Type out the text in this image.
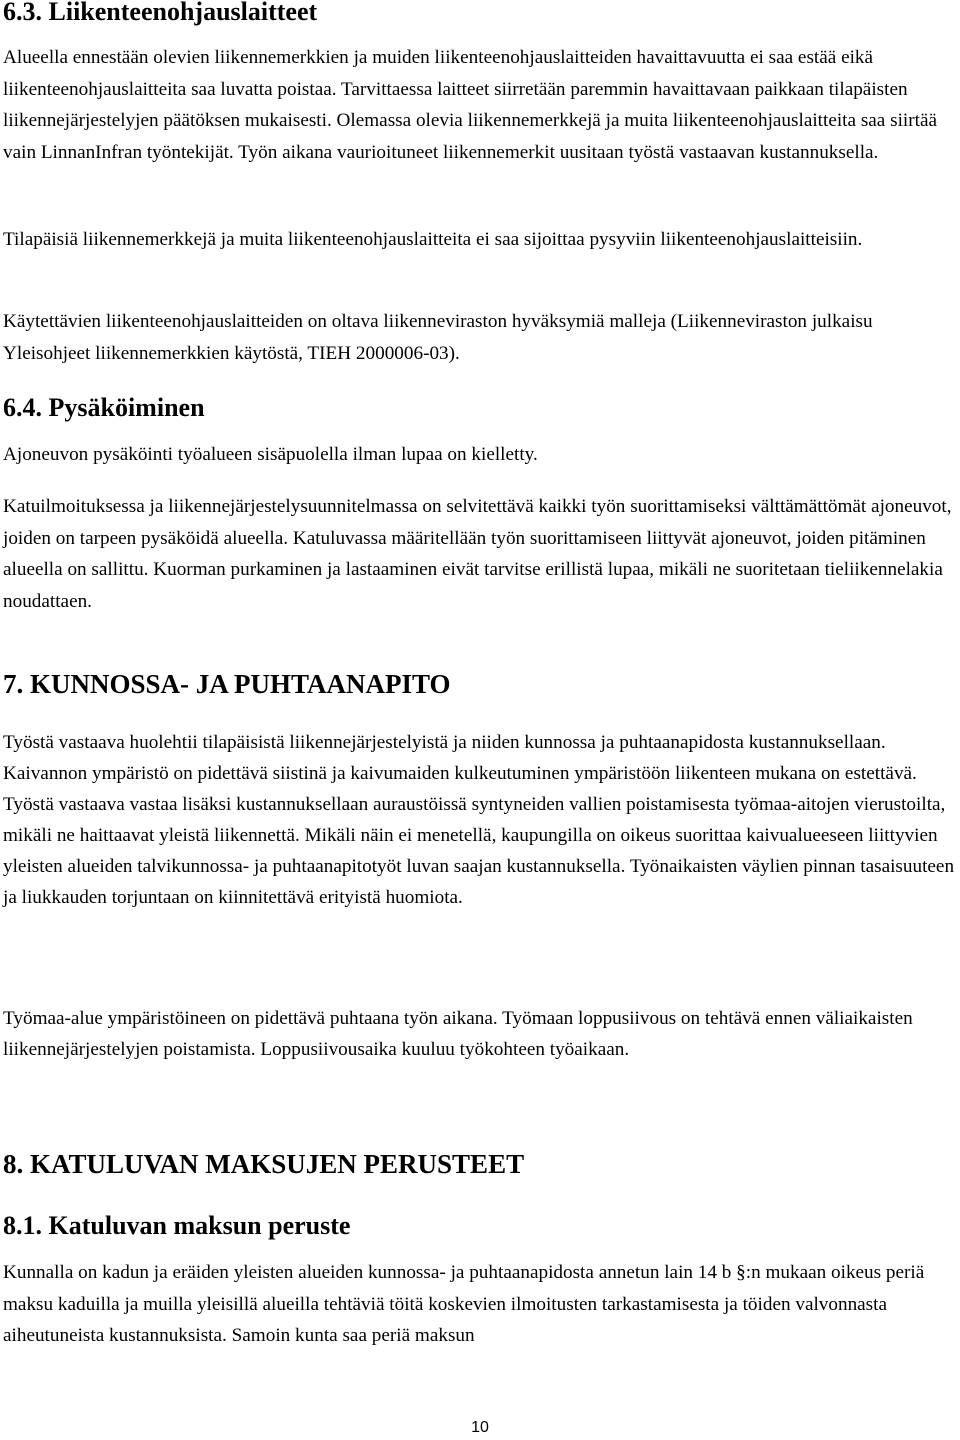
6.3. Liikenteenohjauslaitteet

Alueella ennestään olevien liikennemerkkien ja muiden liikenteenohjauslaitteiden havaittavuutta ei saa estää eikä liikenteenohjauslaitteita saa luvatta poistaa. Tarvittaessa laitteet siirretään paremmin havaittavaan paikkaan tilapäisten liikennejärjestelyjen päätöksen mukaisesti. Olemassa olevia liikennemerkkejä ja muita liikenteenohjauslaitteita saa siirtää vain LinnanInfran työntekijät. Työn aikana vaurioituneet liikennemerkit uusitaan työstä vastaavan kustannuksella.

Tilapäisiä liikennemerkkejä ja muita liikenteenohjauslaitteita ei saa sijoittaa pysyviin liikenteenohjauslaitteisiin.

Käytettävien liikenteenohjauslaitteiden on oltava liikenneviraston hyväksymiä malleja (Liikenneviraston julkaisu Yleisohjeet liikennemerkkien käytöstä, TIEH 2000006-03).

6.4. Pysäköiminen

Ajoneuvon pysäköinti työalueen sisäpuolella ilman lupaa on kielletty.

Katuilmoituksessa ja liikennejärjestelysuunnitelmassa on selvitettävä kaikki työn suorittamiseksi välttämättömät ajoneuvot, joiden on tarpeen pysäköidä alueella. Katuluvassa määritellään työn suorittamiseen liittyvät ajoneuvot, joiden pitäminen alueella on sallittu. Kuorman purkaminen ja lastaaminen eivät tarvitse erillistä lupaa, mikäli ne suoritetaan tieliikennelakia noudattaen.

7. KUNNOSSA- JA PUHTAANAPITO

Työstä vastaava huolehtii tilapäisistä liikennejärjestelyistä ja niiden kunnossa ja puhtaanapidosta kustannuksellaan. Kaivannon ympäristö on pidettävä siistinä ja kaivumaiden kulkeutuminen ympäristöön liikenteen mukana on estettävä. Työstä vastaava vastaa lisäksi kustannuksellaan auraustöissä syntyneiden vallien poistamisesta työmaa-aitojen vierustoilta, mikäli ne haittaavat yleistä liikennettä. Mikäli näin ei menetellä, kaupungilla on oikeus suorittaa kaivualueeseen liittyvien yleisten alueiden talvikunnossa- ja puhtaanapitotyöt luvan saajan kustannuksella. Työnaikaisten väylien pinnan tasaisuuteen ja liukkauden torjuntaan on kiinnitettävä erityistä huomiota.

Työmaa-alue ympäristöineen on pidettävä puhtaana työn aikana. Työmaan loppusiivous on tehtävä ennen väliaikaisten liikennejärjestelyjen poistamista. Loppusiivousaika kuuluu työkohteen työaikaan.

8. KATULUVAN MAKSUJEN PERUSTEET
8.1. Katuluvan maksun peruste

Kunnalla on kadun ja eräiden yleisten alueiden kunnossa- ja puhtaanapidosta annetun lain 14 b §:n mukaan oikeus periä maksu kaduilla ja muilla yleisillä alueilla tehtäviä töitä koskevien ilmoitusten tarkastamisesta ja töiden valvonnasta aiheutuneista kustannuksista. Samoin kunta saa periä maksun

10
